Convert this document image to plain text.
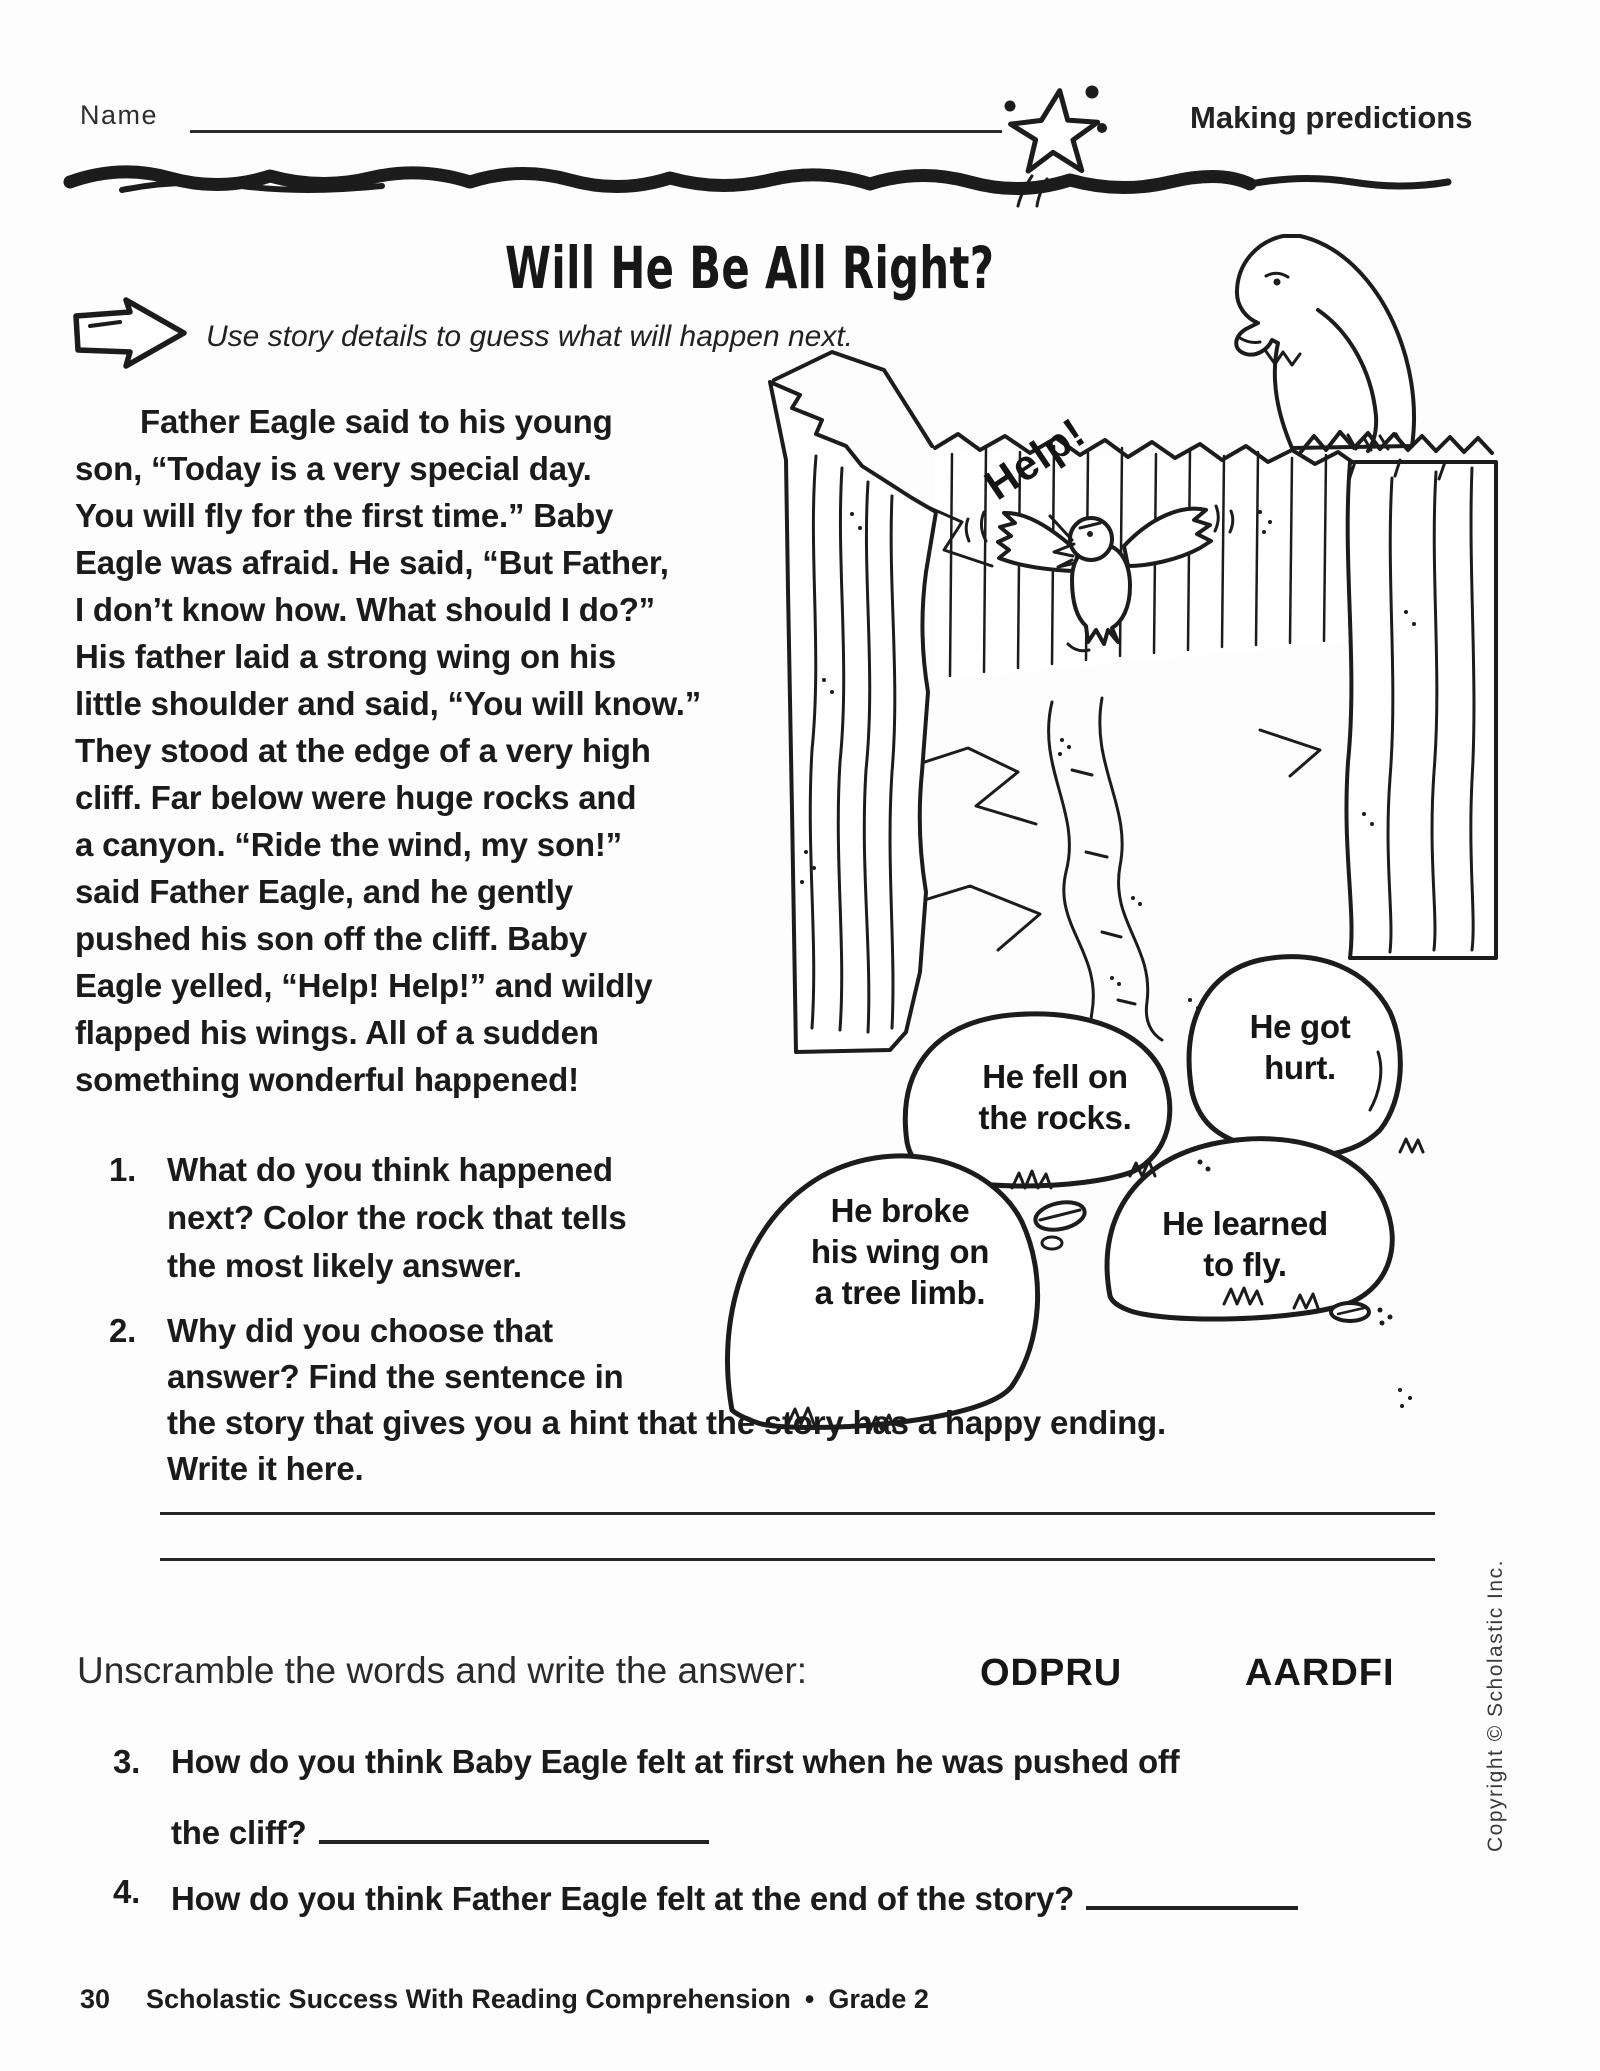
Name	Making predictions
Will He Be All Right?
Use story details to guess what will happen next.
Father Eagle said to his young
son, “Today is a very special day.
You will fly for the first time.” Baby
Eagle was afraid. He said, “But Father,
I don’t know how. What should I do?”
His father laid a strong wing on his
little shoulder and said, “You will know.”
They stood at the edge of a very high
cliff. Far below were huge rocks and
a canyon. “Ride the wind, my son!”
said Father Eagle, and he gently
pushed his son off the cliff. Baby
Eagle yelled, “Help! Help!” and wildly
flapped his wings. All of a sudden
something wonderful happened!
Help!
He got
hurt.
He fell on
the rocks.
He broke
his wing on
a tree limb.
He learned
to fly.
1. What do you think happened
next? Color the rock that tells
the most likely answer.
2. Why did you choose that
answer? Find the sentence in
the story that gives you a hint that the story has a happy ending.
Write it here.
Unscramble the words and write the answer:	ODPRU	AARDFI
3. How do you think Baby Eagle felt at first when he was pushed off
the cliff?
4. How do you think Father Eagle felt at the end of the story?
30 Scholastic Success With Reading Comprehension • Grade 2
Copyright © Scholastic Inc.
